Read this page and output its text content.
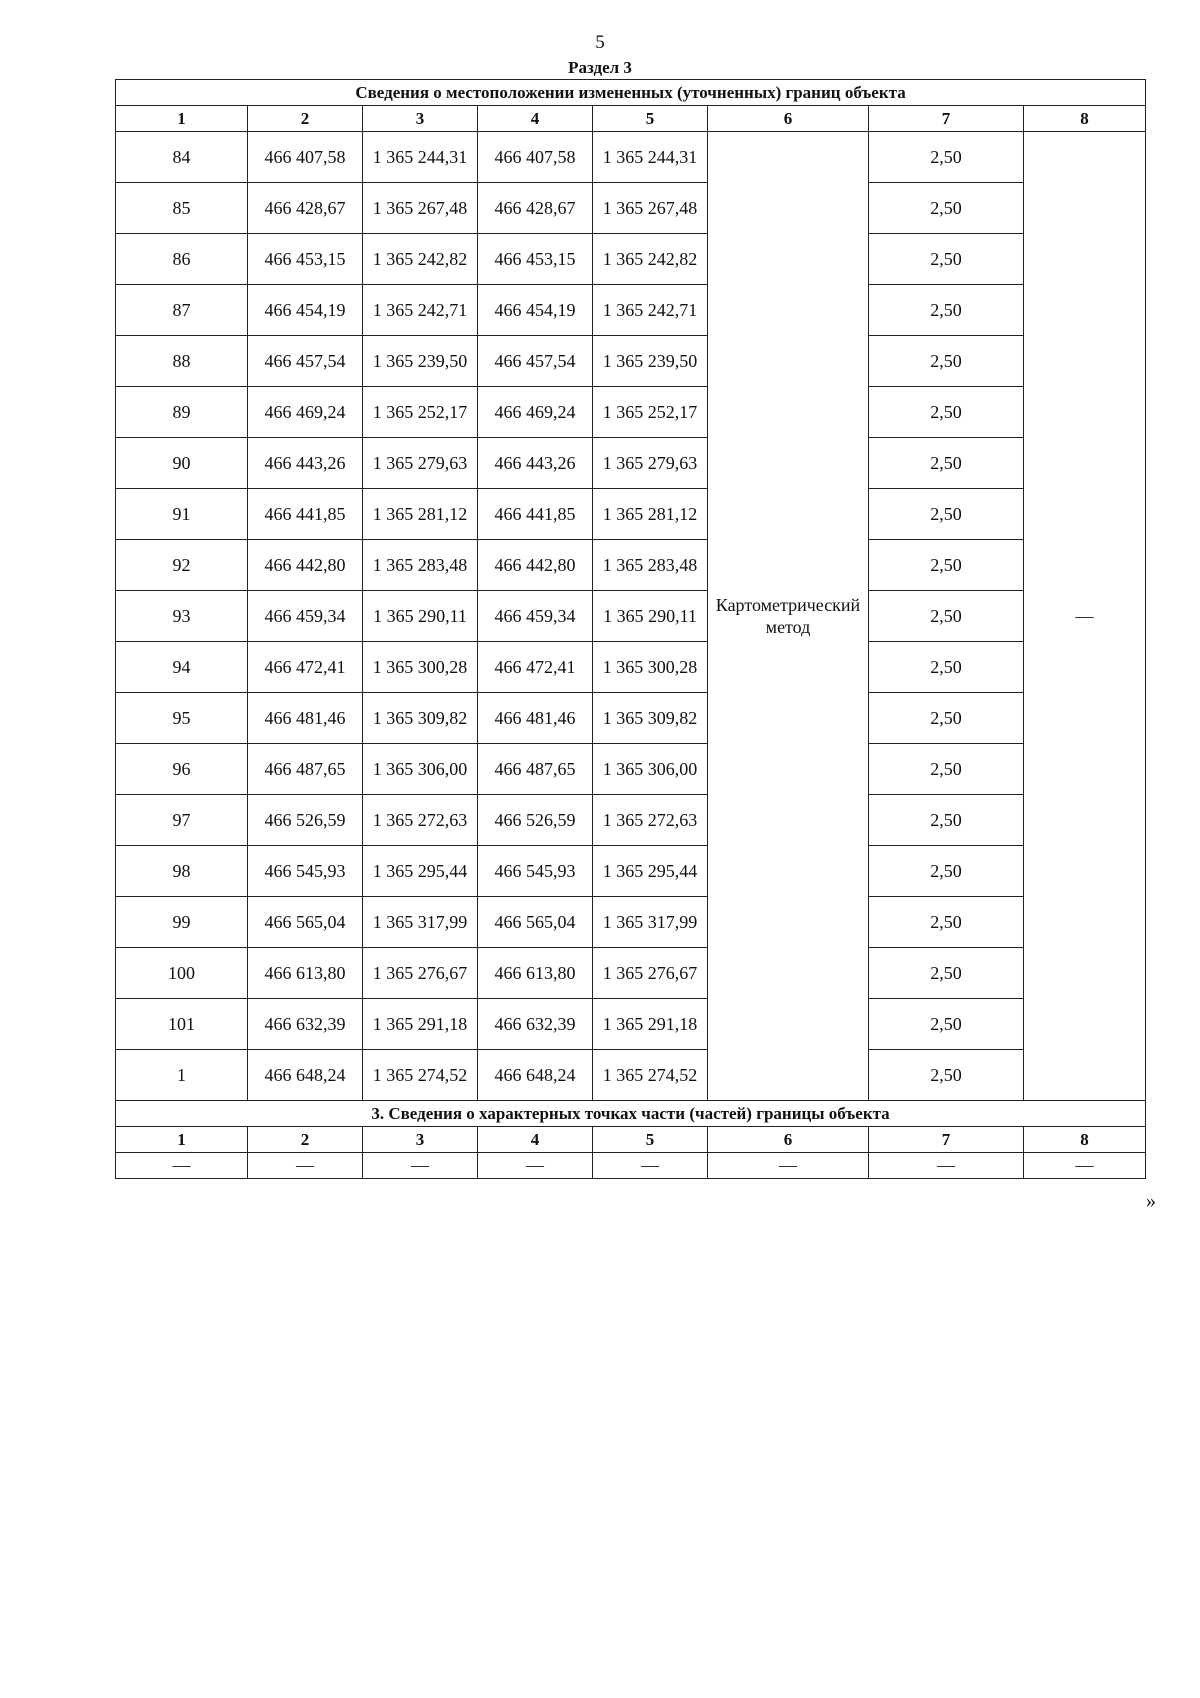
5
Раздел 3
Сведения о местоположении измененных (уточненных) границ объекта							
1	2	3	4	5	6	7	8
84	466 407,58	1 365 244,31	466 407,58	1 365 244,31	Картометрический метод	2,50	—
85	466 428,67	1 365 267,48	466 428,67	1 365 267,48		2,50	
86	466 453,15	1 365 242,82	466 453,15	1 365 242,82		2,50	
87	466 454,19	1 365 242,71	466 454,19	1 365 242,71		2,50	
88	466 457,54	1 365 239,50	466 457,54	1 365 239,50		2,50	
89	466 469,24	1 365 252,17	466 469,24	1 365 252,17		2,50	
90	466 443,26	1 365 279,63	466 443,26	1 365 279,63		2,50	
91	466 441,85	1 365 281,12	466 441,85	1 365 281,12		2,50	
92	466 442,80	1 365 283,48	466 442,80	1 365 283,48		2,50	
93	466 459,34	1 365 290,11	466 459,34	1 365 290,11		2,50	
94	466 472,41	1 365 300,28	466 472,41	1 365 300,28		2,50	
95	466 481,46	1 365 309,82	466 481,46	1 365 309,82		2,50	
96	466 487,65	1 365 306,00	466 487,65	1 365 306,00		2,50	
97	466 526,59	1 365 272,63	466 526,59	1 365 272,63		2,50	
98	466 545,93	1 365 295,44	466 545,93	1 365 295,44		2,50	
99	466 565,04	1 365 317,99	466 565,04	1 365 317,99		2,50	
100	466 613,80	1 365 276,67	466 613,80	1 365 276,67		2,50	
101	466 632,39	1 365 291,18	466 632,39	1 365 291,18		2,50	
1	466 648,24	1 365 274,52	466 648,24	1 365 274,52		2,50	
3. Сведения о характерных точках части (частей) границы объекта							
1	2	3	4	5	6	7	8
—	—	—	—	—	—	—	—
»
